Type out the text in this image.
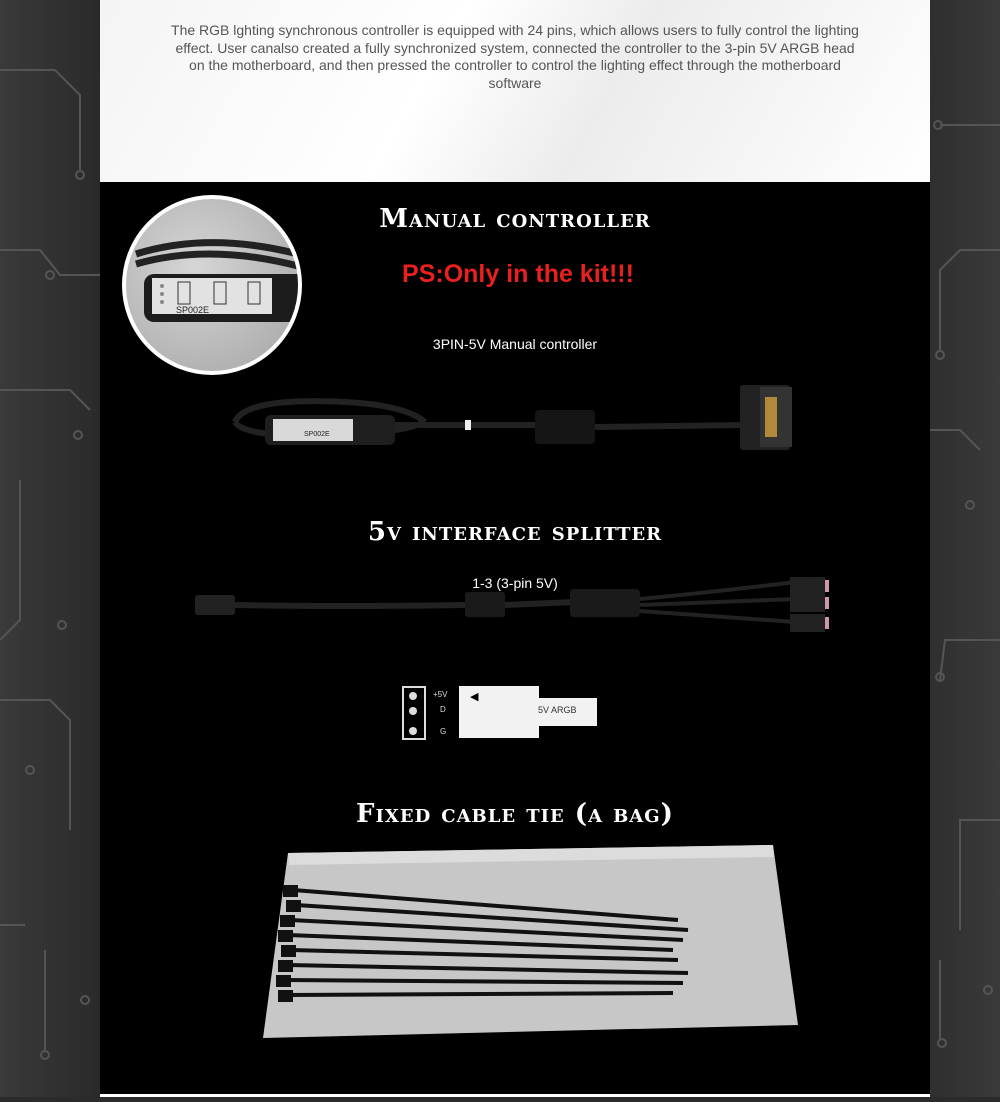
The RGB lghting synchronous controller is equipped with 24 pins, which allows users to fully control the lighting effect. User canalso created a fully synchronized system, connected the controller to the 3-pin 5V ARGB head on the motherboard, and then pressed the controller to control the lighting effect through the motherboard software

SP002E
Manual controller

PS:Only in the kit!!!

3PIN-5V Manual controller

SP002E
5v interface splitter

1-3 (3-pin 5V)

+5V
D
G
◀
5V ARGB
Fixed cable tie (a bag)
